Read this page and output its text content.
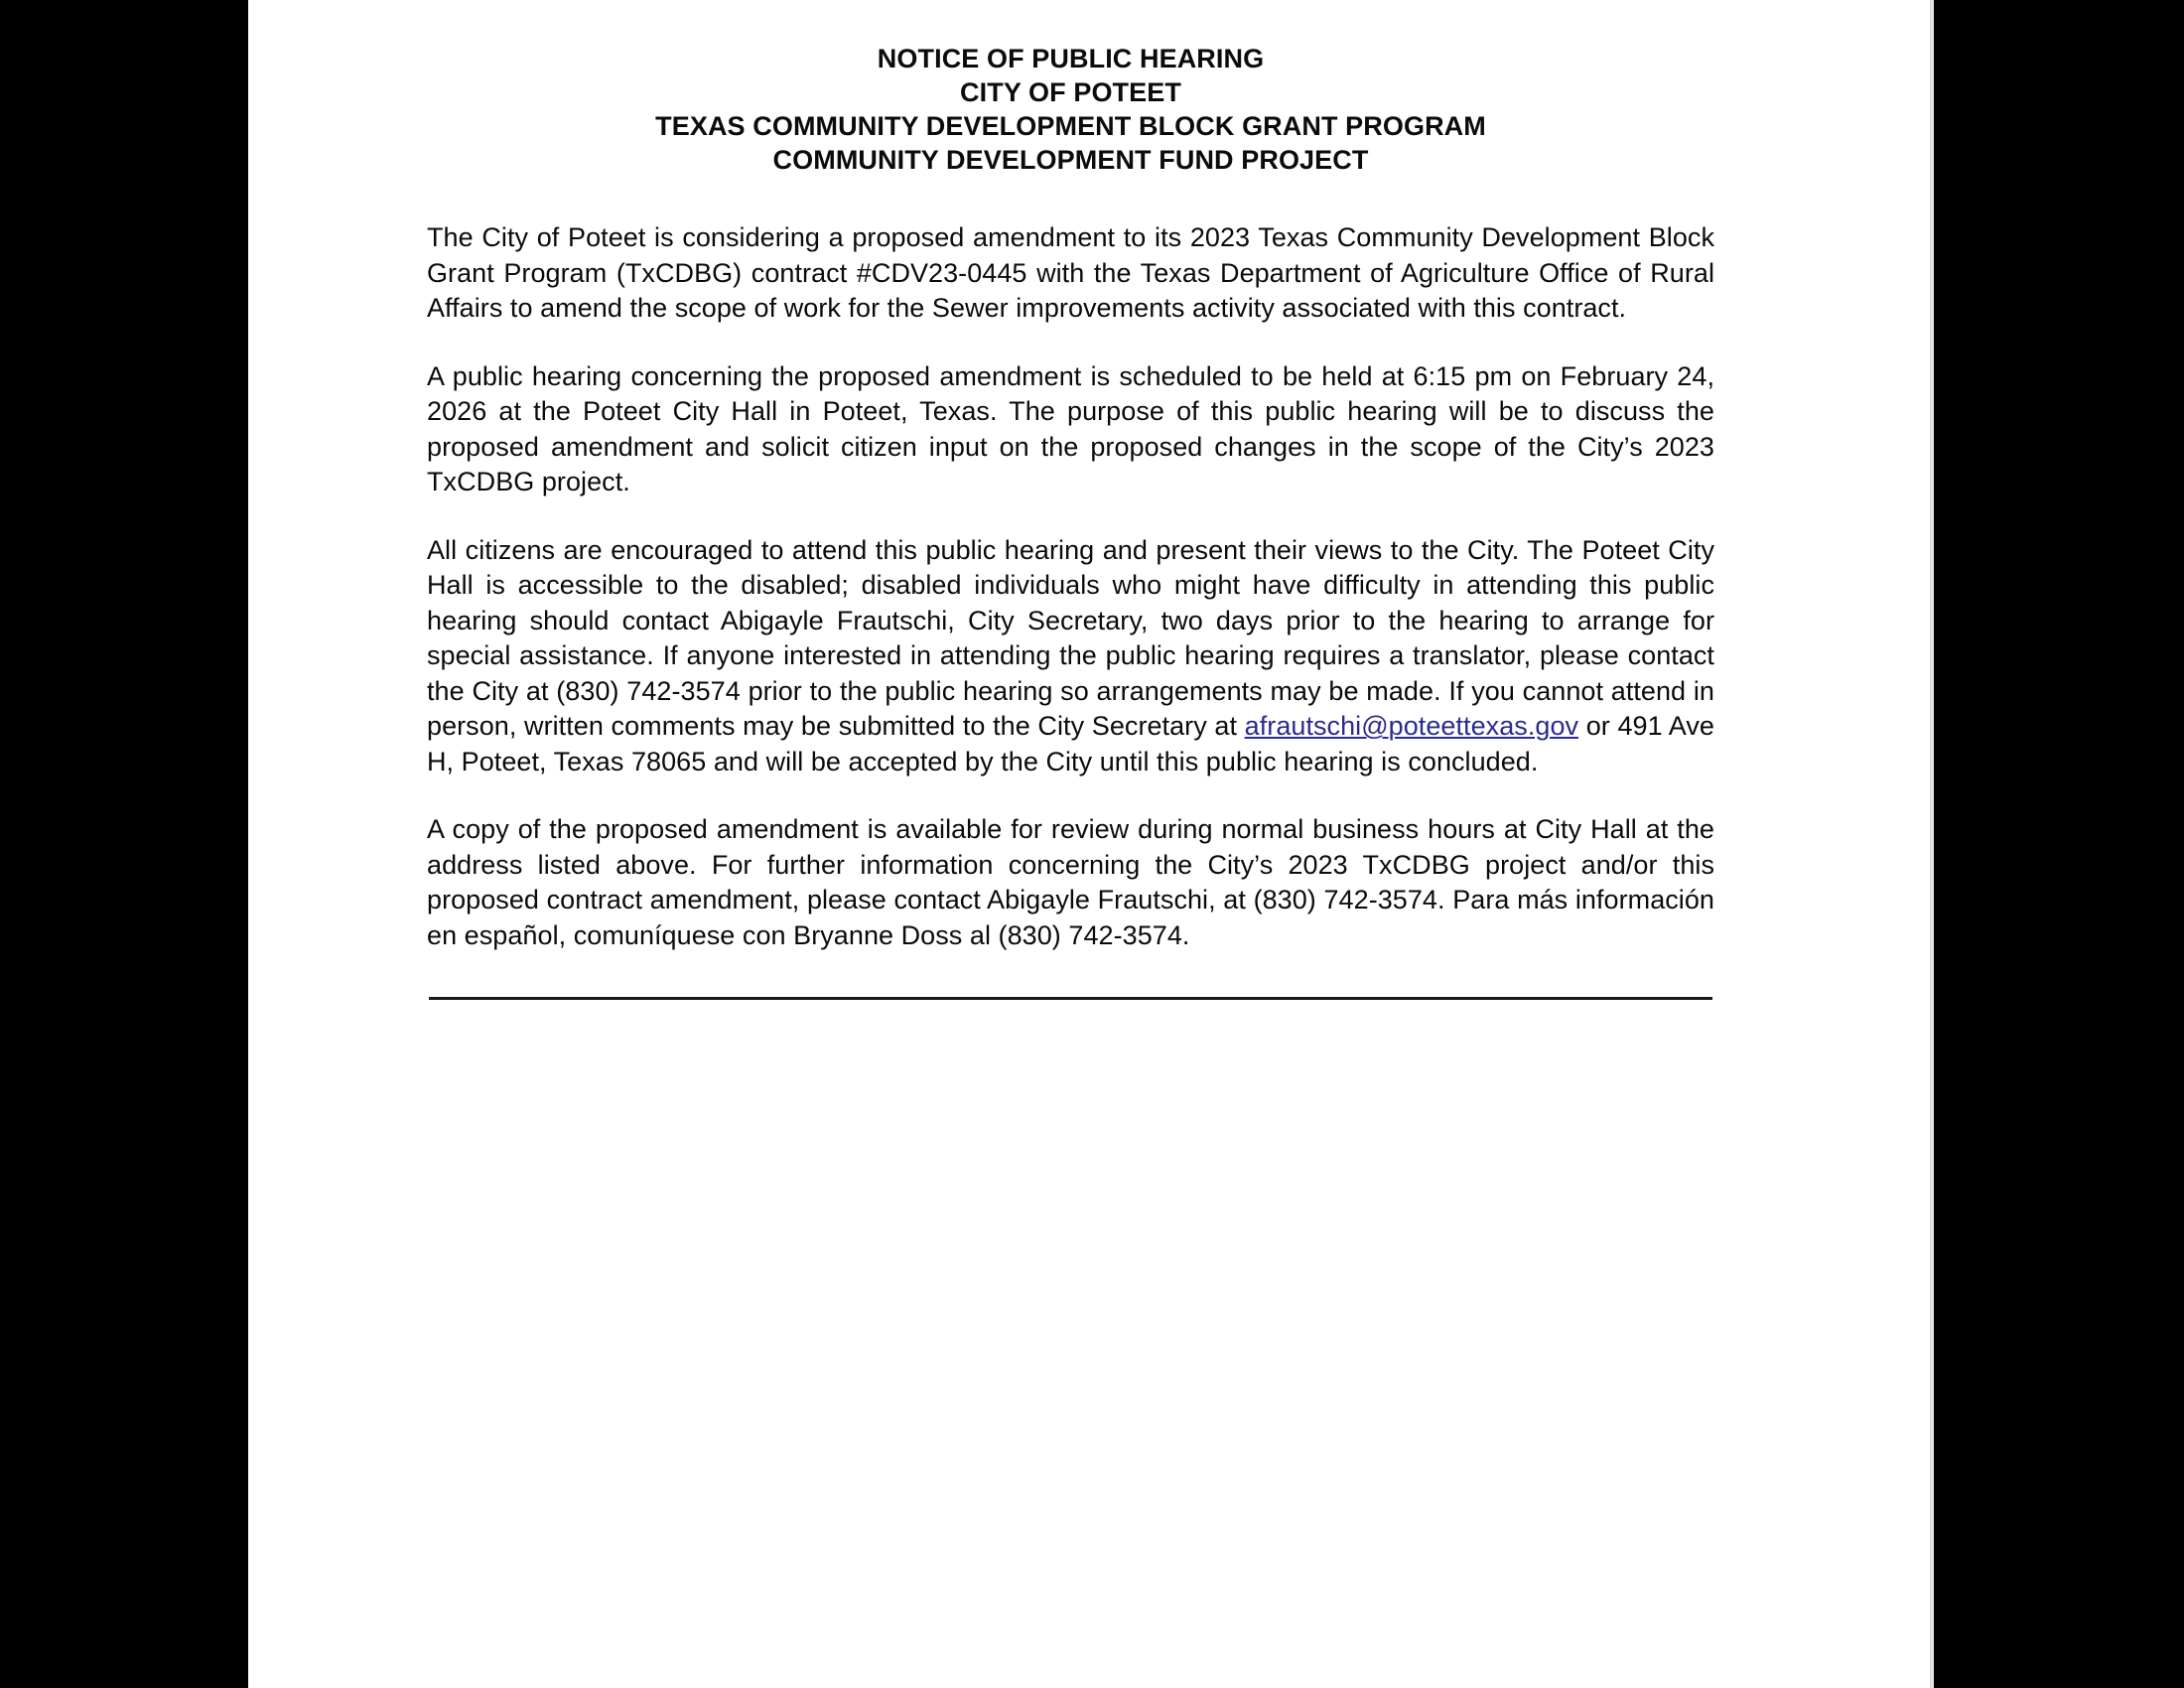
NOTICE OF PUBLIC HEARING
CITY OF POTEET
TEXAS COMMUNITY DEVELOPMENT BLOCK GRANT PROGRAM
COMMUNITY DEVELOPMENT FUND PROJECT

The City of Poteet is considering a proposed amendment to its 2023 Texas Community Development Block Grant Program (TxCDBG) contract #CDV23-0445 with the Texas Department of Agriculture Office of Rural Affairs to amend the scope of work for the Sewer improvements activity associated with this contract.

A public hearing concerning the proposed amendment is scheduled to be held at 6:15 pm on February 24, 2026 at the Poteet City Hall in Poteet, Texas. The purpose of this public hearing will be to discuss the proposed amendment and solicit citizen input on the proposed changes in the scope of the City’s 2023 TxCDBG project.

All citizens are encouraged to attend this public hearing and present their views to the City. The Poteet City Hall is accessible to the disabled; disabled individuals who might have difficulty in attending this public hearing should contact Abigayle Frautschi, City Secretary, two days prior to the hearing to arrange for special assistance. If anyone interested in attending the public hearing requires a translator, please contact the City at (830) 742-3574 prior to the public hearing so arrangements may be made. If you cannot attend in person, written comments may be submitted to the City Secretary at afrautschi@poteettexas.gov or 491 Ave H, Poteet, Texas 78065 and will be accepted by the City until this public hearing is concluded.

A copy of the proposed amendment is available for review during normal business hours at City Hall at the address listed above. For further information concerning the City’s 2023 TxCDBG project and/or this proposed contract amendment, please contact Abigayle Frautschi, at (830) 742-3574. Para más información en español, comuníquese con Bryanne Doss al (830) 742-3574.
